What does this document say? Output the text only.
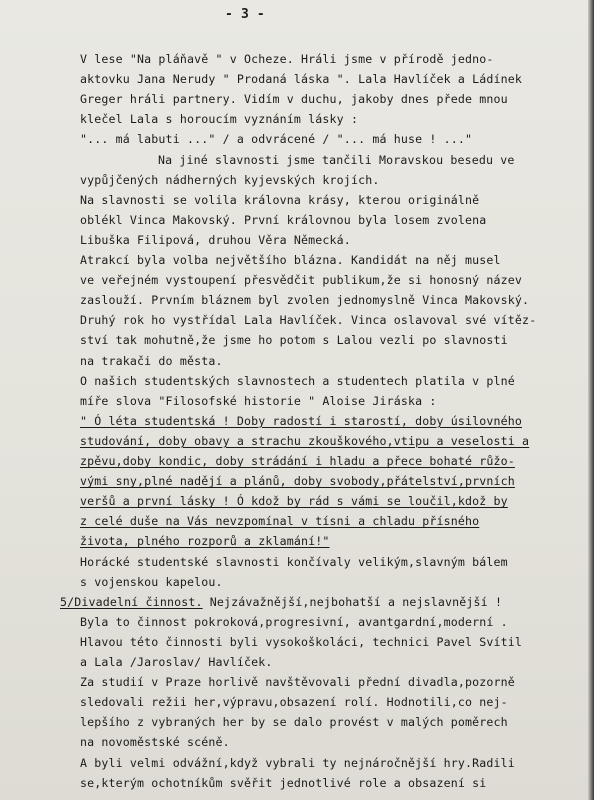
- 3 -
V lese "Na pláňavě " v Ocheze. Hráli jsme v přírodě jedno-
aktovku Jana Nerudy " Prodaná láska ". Lala Havlíček a Ládínek
Greger hráli partnery. Vidím v duchu, jakoby dnes přede mnou
klečel Lala s horoucím vyznáním lásky :
"... má labuti ..." / a odvrácené / "... má huse ! ..."
Na jiné slavnosti jsme tančili Moravskou besedu ve
vypůjčených nádherných kyjevských krojích.
Na slavnosti se volila královna krásy, kterou originálně
oblékl Vinca Makovský. První královnou byla losem zvolena
Libuška Filipová, druhou Věra Německá.
Atrakcí byla volba největšího blázna. Kandidát na něj musel
ve veřejném vystoupení přesvědčit publikum,že si honosný název
zaslouží. Prvním bláznem byl zvolen jednomyslně Vinca Makovský.
Druhý rok ho vystřídal Lala Havlíček. Vinca oslavoval své vítěz-
ství tak mohutně,že jsme ho potom s Lalou vezli po slavnosti
na trakači do města.
O našich studentských slavnostech a studentech platila v plné
míře slova "Filosofské historie " Aloise Jiráska :
" Ó léta studentská ! Doby radostí i starostí, doby úsilovného
studování, doby obavy a strachu zkouškového,vtipu a veselosti a
zpěvu,doby kondic, doby strádání i hladu a přece bohaté růžo-
vými sny,plné nadějí a plánů, doby svobody,přátelství,prvních
veršů a první lásky ! Ó kdož by rád s vámi se loučil,kdož by
z celé duše na Vás nevzpomínal v tísni a chladu přísného
života, plného rozporů a zklamání!"
Horácké studentské slavnosti končívaly velikým,slavným bálem
s vojenskou kapelou.
5/Divadelní činnost. Nejzávažnější,nejbohatší a nejslavnější !
Byla to činnost pokroková,progresivní, avantgardní,moderní .
Hlavou této činnosti byli vysokoškoláci, technici Pavel Svítil
a Lala /Jaroslav/ Havlíček.
Za studií v Praze horlivě navštěvovali přední divadla,pozorně
sledovali režii her,výpravu,obsazení rolí. Hodnotili,co nej-
lepšího z vybraných her by se dalo provést v malých poměrech
na novoměstské scéně.
A byli velmi odvážní,když vybrali ty nejnáročnější hry.Radili
se,kterým ochotníkům svěřit jednotlivé role a obsazení si
